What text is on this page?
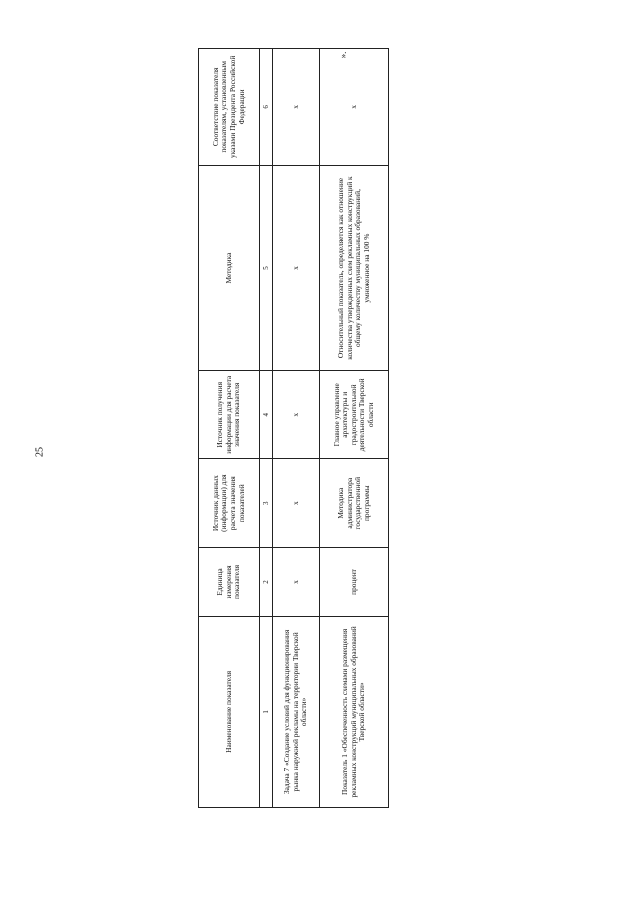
25
».
Наименование показателя	Единица измерения показателя	Источник данных (информации) для расчета значения показателей	Источник получения информации для расчета значения показателя	Методика	Соответствие показателя показателям, установленным указами Президента Российской Федерации
1	2	3	4	5	6
Задача 7 «Создание условий для функционирования рынка наружной рекламы на территории Тверской области»	х	х	х	х	х
Показатель 1 «Обеспеченность схемами размещения рекламных конструкций муниципальных образований Тверской области»	процент	Методика администратора государственной программы	Главное управление архитектуры и градостроительной деятельности Тверской области	Относительный показатель, определяется как отношение количества утвержденных схем рекламных конструкций к общему количеству муниципальных образований, умноженное на 100 %	х
